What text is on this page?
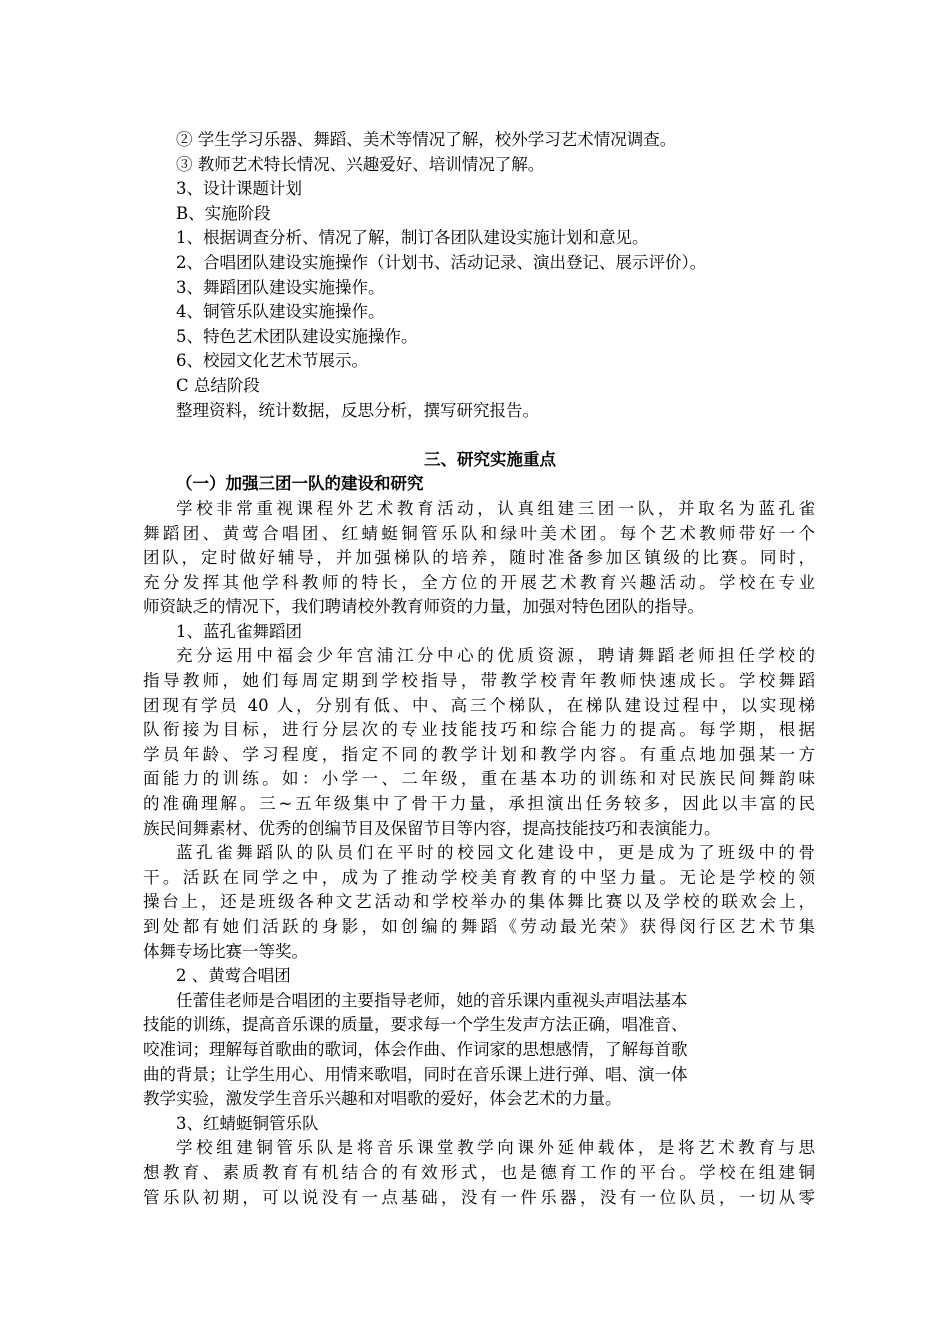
② 学生学习乐器、舞蹈、美术等情况了解，校外学习艺术情况调查。
③ 教师艺术特长情况、兴趣爱好、培训情况了解。
3、设计课题计划
B、实施阶段
1、根据调查分析、情况了解，制订各团队建设实施计划和意见。
2、合唱团队建设实施操作（计划书、活动记录、演出登记、展示评价）。
3、舞蹈团队建设实施操作。
4、铜管乐队建设实施操作。
5、特色艺术团队建设实施操作。
6、校园文化艺术节展示。
C 总结阶段
整理资料，统计数据，反思分析，撰写研究报告。
三、研究实施重点
（一）加强三团一队的建设和研究
学校非常重视课程外艺术教育活动，认真组建三团一队，并取名为蓝孔雀
舞蹈团、黄莺合唱团、红蜻蜓铜管乐队和绿叶美术团。每个艺术教师带好一个
团队，定时做好辅导，并加强梯队的培养，随时准备参加区镇级的比赛。同时，
充分发挥其他学科教师的特长，全方位的开展艺术教育兴趣活动。学校在专业
师资缺乏的情况下，我们聘请校外教育师资的力量，加强对特色团队的指导。
1、蓝孔雀舞蹈团
充分运用中福会少年宫浦江分中心的优质资源，聘请舞蹈老师担任学校的
指导教师，她们每周定期到学校指导，带教学校青年教师快速成长。学校舞蹈
团现有学员 40 人，分别有低、中、高三个梯队，在梯队建设过程中，以实现梯
队衔接为目标，进行分层次的专业技能技巧和综合能力的提高。每学期，根据
学员年龄、学习程度，指定不同的教学计划和教学内容。有重点地加强某一方
面能力的训练。如：小学一、二年级，重在基本功的训练和对民族民间舞韵味
的准确理解。三~五年级集中了骨干力量，承担演出任务较多，因此以丰富的民
族民间舞素材、优秀的创编节目及保留节目等内容，提高技能技巧和表演能力。
蓝孔雀舞蹈队的队员们在平时的校园文化建设中，更是成为了班级中的骨
干。活跃在同学之中，成为了推动学校美育教育的中坚力量。无论是学校的领
操台上，还是班级各种文艺活动和学校举办的集体舞比赛以及学校的联欢会上，
到处都有她们活跃的身影，如创编的舞蹈《劳动最光荣》获得闵行区艺术节集
体舞专场比赛一等奖。
2 、黄莺合唱团
任蕾佳老师是合唱团的主要指导老师，她的音乐课内重视头声唱法基本
技能的训练，提高音乐课的质量，要求每一个学生发声方法正确，唱准音、
咬准词；理解每首歌曲的歌词，体会作曲、作词家的思想感情，了解每首歌
曲的背景；让学生用心、用情来歌唱，同时在音乐课上进行弹、唱、演一体
教学实验，激发学生音乐兴趣和对唱歌的爱好，体会艺术的力量。
3、红蜻蜓铜管乐队
学校组建铜管乐队是将音乐课堂教学向课外延伸载体，是将艺术教育与思
想教育、素质教育有机结合的有效形式，也是德育工作的平台。学校在组建铜
管乐队初期，可以说没有一点基础，没有一件乐器，没有一位队员，一切从零
